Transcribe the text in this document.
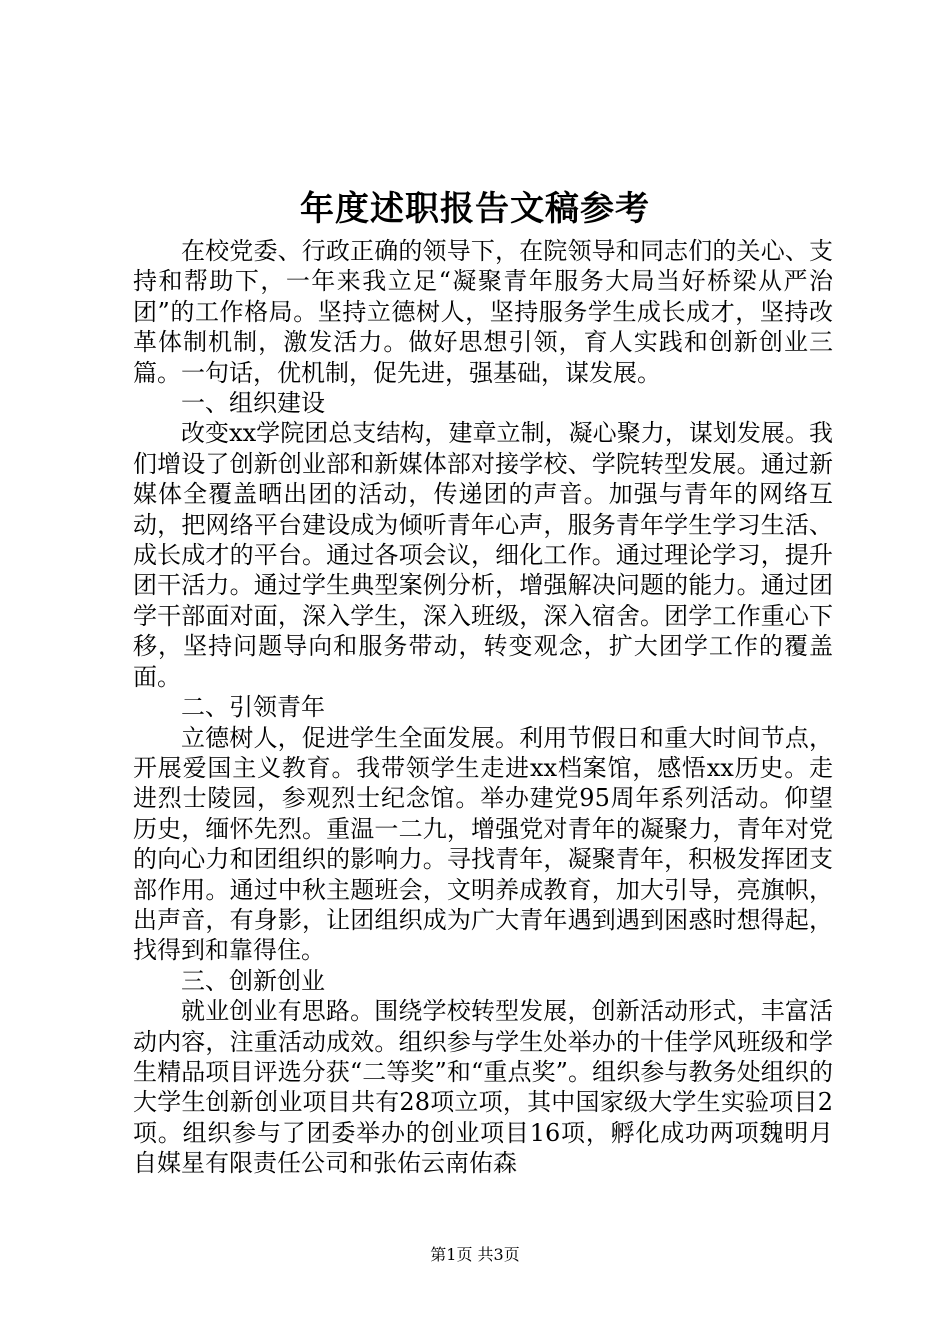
年度述职报告文稿参考

在校党委、行政正确的领导下，在院领导和同志们的关心、支持和帮助下，一年来我立足“凝聚青年服务大局当好桥梁从严治团”的工作格局。坚持立德树人，坚持服务学生成长成才，坚持改革体制机制，激发活力。做好思想引领，育人实践和创新创业三篇。一句话，优机制，促先进，强基础，谋发展。

一、组织建设

改变xx学院团总支结构，建章立制，凝心聚力，谋划发展。我们增设了创新创业部和新媒体部对接学校、学院转型发展。通过新媒体全覆盖晒出团的活动，传递团的声音。加强与青年的网络互动，把网络平台建设成为倾听青年心声，服务青年学生学习生活、成长成才的平台。通过各项会议，细化工作。通过理论学习，提升团干活力。通过学生典型案例分析，增强解决问题的能力。通过团学干部面对面，深入学生，深入班级，深入宿舍。团学工作重心下移，坚持问题导向和服务带动，转变观念，扩大团学工作的覆盖面。

二、引领青年

立德树人，促进学生全面发展。利用节假日和重大时间节点，开展爱国主义教育。我带领学生走进xx档案馆，感悟xx历史。走进烈士陵园，参观烈士纪念馆。举办建党95周年系列活动。仰望历史，缅怀先烈。重温一二九，增强党对青年的凝聚力，青年对党的向心力和团组织的影响力。寻找青年，凝聚青年，积极发挥团支部作用。通过中秋主题班会，文明养成教育，加大引导，亮旗帜，出声音，有身影，让团组织成为广大青年遇到遇到困惑时想得起，找得到和靠得住。

三、创新创业

就业创业有思路。围绕学校转型发展，创新活动形式，丰富活动内容，注重活动成效。组织参与学生处举办的十佳学风班级和学生精品项目评选分获“二等奖”和“重点奖”。组织参与教务处组织的大学生创新创业项目共有28项立项，其中国家级大学生实验项目2项。组织参与了团委举办的创业项目16项，孵化成功两项魏明月自媒星有限责任公司和张佑云南佑森

第1页 共3页
